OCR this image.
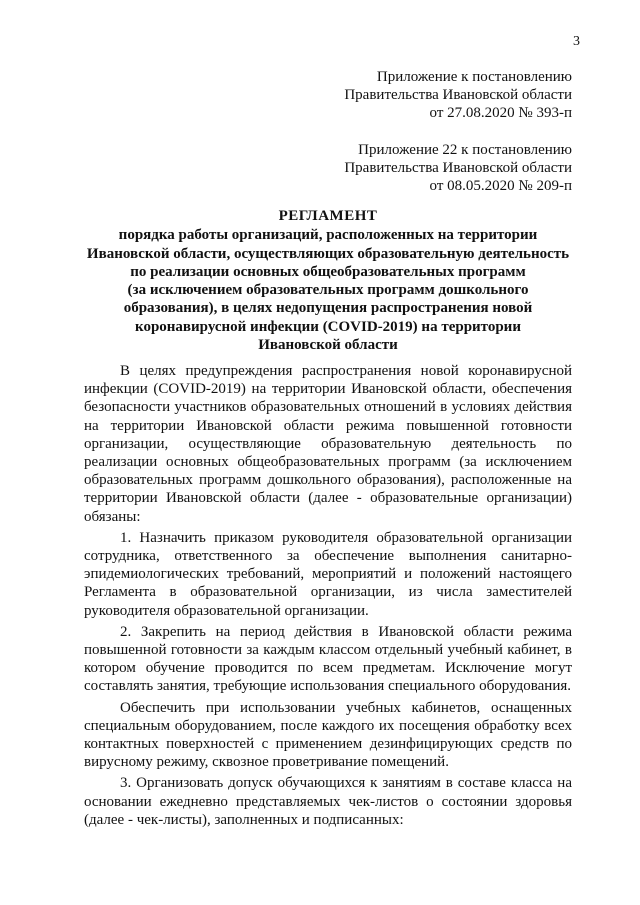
3
Приложение к постановлению
Правительства Ивановской области
от 27.08.2020 № 393-п
Приложение 22 к постановлению
Правительства Ивановской области
от 08.05.2020 № 209-п
РЕГЛАМЕНТ
порядка работы организаций, расположенных на территории
Ивановской области, осуществляющих образовательную деятельность
по реализации основных общеобразовательных программ
(за исключением образовательных программ дошкольного
образования), в целях недопущения распространения новой
коронавирусной инфекции (COVID-2019) на территории
Ивановской области

В целях предупреждения распространения новой коронавирусной инфекции (COVID-2019) на территории Ивановской области, обеспечения безопасности участников образовательных отношений в условиях действия на территории Ивановской области режима повышенной готовности организации, осуществляющие образовательную деятельность по реализации основных общеобразовательных программ (за исключением образовательных программ дошкольного образования), расположенные на территории Ивановской области (далее - образовательные организации) обязаны:

1. Назначить приказом руководителя образовательной организации сотрудника, ответственного за обеспечение выполнения санитарно-эпидемиологических требований, мероприятий и положений настоящего Регламента в образовательной организации, из числа заместителей руководителя образовательной организации.

2. Закрепить на период действия в Ивановской области режима повышенной готовности за каждым классом отдельный учебный кабинет, в котором обучение проводится по всем предметам. Исключение могут составлять занятия, требующие использования специального оборудования.

Обеспечить при использовании учебных кабинетов, оснащенных специальным оборудованием, после каждого их посещения обработку всех контактных поверхностей с применением дезинфицирующих средств по вирусному режиму, сквозное проветривание помещений.

3. Организовать допуск обучающихся к занятиям в составе класса на основании ежедневно представляемых чек-листов о состоянии здоровья (далее - чек-листы), заполненных и подписанных:
